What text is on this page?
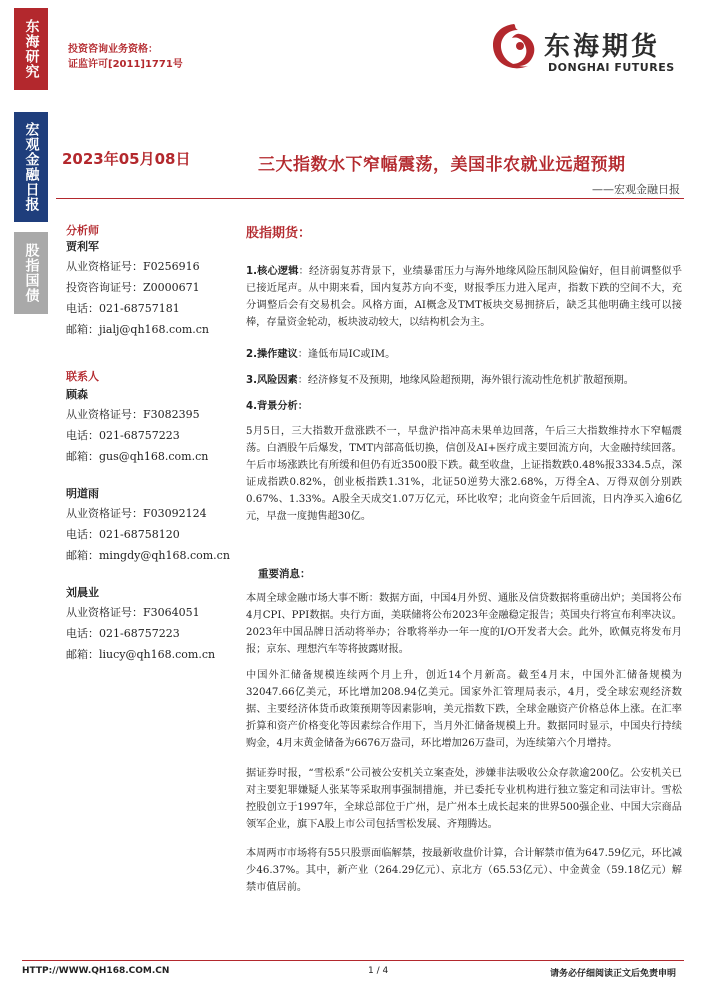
东海研究
宏观金融日报
股指国债
投资咨询业务资格：
证监许可[2011]1771号
东海期货
DONGHAI FUTURES
2023年05月08日	三大指数水下窄幅震荡，美国非农就业远超预期
——宏观金融日报
分析师
贾利军
从业资格证号：F0256916
投资咨询证号：Z0000671
电话：021-68757181
邮箱：jialj@qh168.com.cn
联系人
顾森
从业资格证号：F3082395
电话：021-68757223
邮箱：gus@qh168.com.cn
明道雨
从业资格证号：F03092124
电话：021-68758120
邮箱：mingdy@qh168.com.cn
刘晨业
从业资格证号：F3064051
电话：021-68757223
邮箱：liucy@qh168.com.cn
股指期货：

1.核心逻辑：经济弱复苏背景下，业绩暴雷压力与海外地缘风险压制风险偏好，但目前调整似乎已接近尾声。从中期来看，国内复苏方向不变，财报季压力进入尾声，指数下跌的空间不大，充分调整后会有交易机会。风格方面，AI概念及TMT板块交易拥挤后，缺乏其他明确主线可以接棒，存量资金轮动，板块波动较大，以结构机会为主。

2.操作建议：逢低布局IC或IM。

3.风险因素：经济修复不及预期，地缘风险超预期，海外银行流动性危机扩散超预期。

4.背景分析：

5月5日，三大指数开盘涨跌不一，早盘沪指冲高未果单边回落，午后三大指数维持水下窄幅震荡。白酒股午后爆发，TMT内部高低切换，信创及AI+医疗成主要回流方向，大金融持续回落。午后市场涨跌比有所缓和但仍有近3500股下跌。截至收盘，上证指数跌0.48%报3334.5点，深证成指跌0.82%，创业板指跌1.31%，北证50逆势大涨2.68%，万得全A、万得双创分别跌0.67%、1.33%。A股全天成交1.07万亿元，环比收窄；北向资金午后回流，日内净买入逾6亿元，早盘一度抛售超30亿。

重要消息：

本周全球金融市场大事不断：数据方面，中国4月外贸、通胀及信贷数据将重磅出炉；美国将公布4月CPI、PPI数据。央行方面，美联储将公布2023年金融稳定报告；英国央行将宣布利率决议。2023年中国品牌日活动将举办；谷歌将举办一年一度的I/O开发者大会。此外，欧佩克将发布月报；京东、理想汽车等将披露财报。

中国外汇储备规模连续两个月上升，创近14个月新高。截至4月末，中国外汇储备规模为32047.66亿美元，环比增加208.94亿美元。国家外汇管理局表示，4月，受全球宏观经济数据、主要经济体货币政策预期等因素影响，美元指数下跌，全球金融资产价格总体上涨。在汇率折算和资产价格变化等因素综合作用下，当月外汇储备规模上升。数据同时显示，中国央行持续购金，4月末黄金储备为6676万盎司，环比增加26万盎司，为连续第六个月增持。

据证券时报，“雪松系”公司被公安机关立案查处，涉嫌非法吸收公众存款逾200亿。公安机关已对主要犯罪嫌疑人张某等采取刑事强制措施，并已委托专业机构进行独立鉴定和司法审计。雪松控股创立于1997年，全球总部位于广州，是广州本土成长起来的世界500强企业、中国大宗商品领军企业，旗下A股上市公司包括雪松发展、齐翔腾达。

本周两市市场将有55只股票面临解禁，按最新收盘价计算，合计解禁市值为647.59亿元，环比减少46.37%。其中，新产业（264.29亿元）、京北方（65.53亿元）、中金黄金（59.18亿元）解禁市值居前。

HTTP://WWW.QH168.COM.CN	1 / 4	请务必仔细阅读正文后免责申明
